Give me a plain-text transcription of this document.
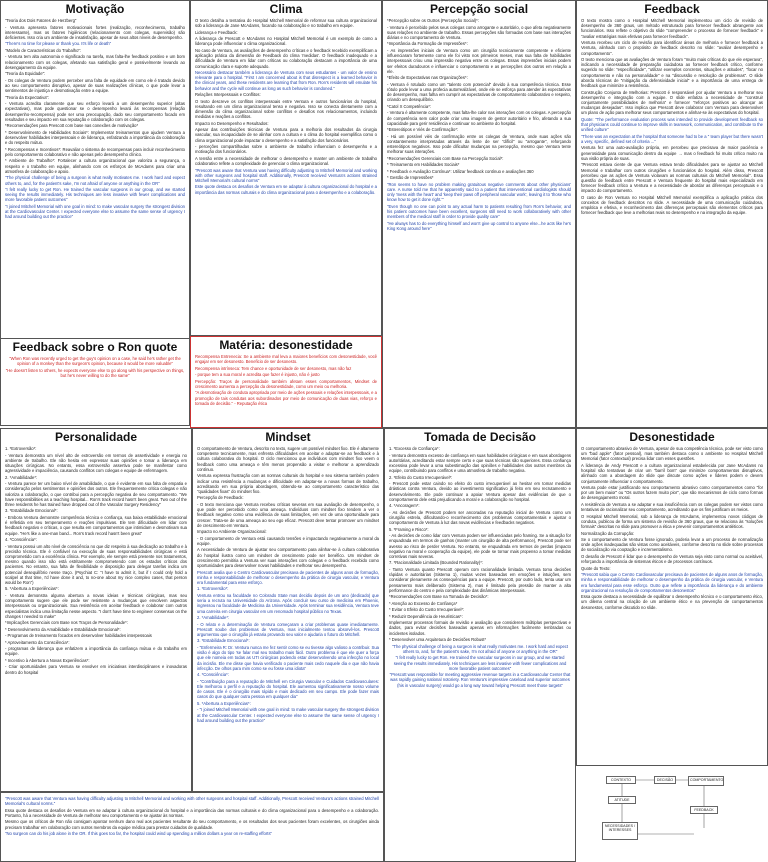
Motivação

"Teoria dos Dois Fatores de Herzberg"

- Ventura apresenta fatores motivacionais fortes (realização, reconhecimento, trabalho interessante), mas os fatores higiênicos (relacionamento com colegas, supervisão) são deficientes. Isso cria um ambiente de insatisfação, apesar de seus altos níveis de desempenho.

"There's no time for please or thank you. It's life or death"

"Modelo de Características do Trabalho":

- Ventura tem alta autonomia e significado na tarefa, mas falta-lhe feedback positivo e um bom relacionamento com os colegas, afetando sua satisfação geral e possivelmente levando ao desengajamento da equipe.

"Teoria da Equidade":

- Os colegas de Ventura podem perceber uma falta de equidade em como ele é tratado devido ao seu comportamento disruptivo, apesar de suas realizações clínicas, o que pode levar a sentimentos de injustiça e desmotivação entre a equipe.

"Teoria da Expectativa":

- Ventura acredita claramente que seu esforço levará a um desempenho superior (altas expectativas), mas pode questionar se o desempenho levará às recompensas (relação desempenho-recompensa) pode ser uma preocupação, dado seu comportamento focado em resultados e seu impacto em sua reputação e colaboração com os colegas.

*Recomendações para Prescott com base nas conexões de motivação*

* Desenvolvimento de Habilidades Sociais*: Implementar treinamentos que ajudem Ventura a desenvolver habilidades interpessoais e de liderança, enfatizando a importância da colaboração e do respeito mútuo.

* Recompensas e Incentivos*: Reavaliar o sistema de recompensas para incluir reconhecimento pelo comportamento colaborativo e não apenas pelo desempenho clínico.

* Ambiente de Trabalho*: Fortalecer a cultura organizacional que valoriza a segurança, o respeito e o trabalho em equipe, alinhando com os esforços de McAdams para criar uma atmosfera de colaboração e apoio.

"The physical challenge of being a surgeon is what really motivates me. I work hard and expect others to, and, for the patient's sake, I'm not afraid of anyone or anything in the OR"

"I felt really lucky to get Ron. He trained the vascular surgeons in our group, and we started seeing the results immediately. His techniques are less invasive with fewer complications and more favorable patient outcomes"

"I joined Mitchell Memorial with one goal in mind: to make vascular surgery the strongest division at the Cardiovascular Center. I expected everyone else to assume the same sense of urgency I had around building out the practice"

Feedback sobre o Ron quote

"When Ron was recently urged to get the guy's opinion on a case, he said he's rather get the opinion of a monkey than the surgeon's opinion, because it would be more valuable"

"He doesn't listen to others, he expects everyone else to go along with his perspective on things, but he's never willing to do the same"

Clima

O texto detalha a tentativa do Hospital Mitchell Memorial de reformar sua cultura organizacional sob a liderança de Jane McAdams, focando na colaboração e no trabalho em equipe.

Liderança e Feedback:

A liderança de Prescott e McAdams no Hospital Mitchell Memorial é um exemplo de como a liderança pode influenciar o clima organizacional.

No caso de Ventura, as avaliações de desempenho críticas e o feedback recebido exemplificam a aplicação prática da dimensão de Feedback do clima 'medidas'. O feedback inadequado e a dificuldade de Ventura em lidar com críticas ou colaboração destacam a importância de uma comunicação clara e suporte adequado.

Necessário destacar também a liderança de Ventura com seus estudantes - um valor de ensino relevante para o hospital. "First I am concerned about is that disrespect is a learned behavior in the clinical years, and these residents are learning that from Ron. Ron's residents will emulate his behavior and the cycle will continue as long as such behavior is condoned."

Relações Interpessoais e Conflitos:

O texto descreve os conflitos interpessoais entre Ventura e outros funcionários do hospital, resultando em um clima organizacional tenso e negativo. Isso se conecta diretamente com a dimensão do clima organizacional sobre conflitos e desafios nos relacionamentos, incluindo medidas e reações a conflitos.

Impacto no Desempenho e Resultados:

Apesar das contribuições técnicas de Ventura para a melhoria dos resultados da cirurgia vascular, sua incapacidade de se alinhar com a cultura e o clima do hospital exemplifica como o clima organizacional pode impactar o desempenho e a satisfação dos funcionários.

- perceções compartilhadas sobre o ambiente de trabalho influenciam o desempenho e a motivação dos funcionários.

A tensão entre a necessidade de melhorar o desempenho e manter um ambiente de trabalho colaborativo reflete a complexidade de gerenciar o clima organizacional.

"Prescott was aware that Ventura was having difficulty adjusting to Mitchell Memorial and working with other surgeons and hospital staff. Additionally, Prescott received Ventura's actions strained Mitchell Memorial's cultural norms"

Este quote destaca os desafios de Ventura em se adaptar à cultura organizacional do hospital e a importância das normas culturais e do clima organizacional para o desempenho e a colaboração.

Matéria: desonestidade

Recompensa Entrenecia: Se a ambiente mal leva a maiores beneficios com desonestidade, você engajar em ser desonesto. Beneficio de ser desonesto.

Recompensa intrínseca: Tem chance e oportunidade de ser desonesto, mas não faz

- porque tem a sua moral e acredita que fazer é injusto, não é justo

Percepção: Traços de personalidade também afetam esses comportamentos, Mindset de crescimento aumenta a percepção da desonestidade, como um meio ou melhoria.

"A desmotivação de conduta apropriada por meio de ações pessoais e relações interpessoais, e a promoção de tais condutas aos subordinados por meio de comunicação de duas vias, reforço e tomada de decisão." - Reputação ética

Percepção social

*Percepção sobre os Outros (Percepção Social)*:

- Ventura é percebido pelos seus colegas como arrogante e autoritário, o que afeta negativamente suas relações no ambiente de trabalho. Essas percepções são formadas com base nas interações diárias e no comportamento de Ventura.

*Importância da Formação de Impressões*:

- As impressões iniciais de Ventura como um cirurgião tecnicamente competente e eficiente influenciaram fortemente como ele foi visto nos primeiros meses, mas sua falta de habilidades interpessoais criou uma impressão negativa entre os colegas. Essas impressões iniciais podem ser efeitos duradouros e influenciar o comportamento e as percepções dos outros em relação a ele.

*Efeito de Expectativas nas Organizações*:

- Ventura é rotulado como um "talento com potencial" devido à sua competência técnica. Esse rótulo pode levar a uma profecia autorrealizável, onde ele se esforça para atender às expectativas de desempenho, mas falha em cumprir as expectativas de comportamento colaborativo e respeito, criando um desequilíbrio.

*Catol X Competência*:

- Ventura é altamente competente, mas falta-lhe calor nas interações com os colegas. A percepção de competência sem calor pode criar uma imagem de gestor autoritário e frio, afetando a sua capacidade para gerir residência e continuar no ambiente do hospital.

*Estereótipos e Viés de Confirmação*:

- Há um possível viés de confirmação entre os colegas de Ventura, onde suas ações são constantemente interpretadas através da lente de ser "difícil" ou "arrogante", reforçando estereótipos negativos. Isso pode dificultar mudanças na percepção, mesmo que Ventura tente melhorar suas interações.

*Recomendações Gerenciais com Base na Percepção Social*:

* Treinamento em Habilidades Sociais*

* Feedback e Avaliação Contínua*: Utilizar feedback contínuo e avaliações 360

* Gestão de Impressões*

"Ron seems to have no problem making gratuitous negative comments about other physicians' care. A nurse told me that he apparently said to a patient that interventional cardiologists should only 'mess with the heart' and 'keep their paws off peripheral vascular work', leaving it to 'those who know how to get it done right.'"

"Even though no one can point to any actual harm to patients resulting from Ron's behavior, and his patient outcomes have been excellent, surgeons still need to work collaboratively with other members of the medical staff in order to provide quality care"

"He always has to do everything himself and won't give up control to anyone else...he acts like he's King Kong around here"

Feedback

O texto mostra como o Hospital Mitchell Memorial implementou um ciclo de revisão de desempenho de 360 graus, um método estruturado para fornecer feedback abrangente aos funcionários. Isso reflete o objetivo do slide "compreender o processo de fornecer feedback" e "avaliar estratégias mais efetivas para fornecer feedback".

Ventura recebeu um ciclo de revisão para identificar áreas de melhoria e fornecer feedback a Ventura, alinhado com o propósito de feedback descrito no slide: "avaliar desempenho e comportamento".

O texto menciona que as avaliações de Ventura foram "muito mais críticas do que ele esperava", indicando a necessidade de preparação cuidadosa ao fornecer feedback crítico, conforme sugerido no slide: "especificidade", "utilizar exemplos concretos, situações e atitudes", "focar no comportamento e não na personalidade" e na "discussão e resolução de problemas". O slide aborda técnicas de "mitigação da defensividade inicial" e a importância de uma entrega de feedback que minimize a resistência.

Construção Conjunta de Melhorias: Prescott é responsável por ajudar Ventura a melhorar seu desempenho e integração com a equipe. O slide enfatiza a necessidade de "construir conjuntamente possibilidades de melhoria" e fornecer "reforços positivos ao alcançar as mudanças desejadas". Isso implica que Prescott deve colaborar com Ventura para desenvolver um plano de ação para melhorar seus comportamentos e alinhar-se às expectativas do hospital.

Quote: "The performance evaluation process was intended to provide development feedback so that physicians could continue to improve skills in teamwork, communication, and contribute to the unified culture"

"There was an expectation at the hospital that someone had to be a " team player but there wasn't a very, specific, defined set of criteria ..."

Ventura fez uma auto-avaliação própria, em percebeu que precisava de maior paciência e generosidade para comunicação dentro da equipe → mas o feedback foi muito crítico muito na sua visão própria de suas.

"Prescott estava ciente de que Ventura estava tendo dificuldades para se ajustar ao Mitchell Memorial e trabalhar com outros cirurgiões e funcionários do hospital. Além disso, Prescott percebeu que as ações de Ventura violavam as normas culturais do Mitchell Memorial". Essa questão de feedback entre Prescott e Ventura frequente do hospital mais especializado em fornecer feedback crítico a Ventura e a necessidade de abordar as diferenças perceptuais e o impacto do comportamento.

O caso de Ron Ventura no Hospital Mitchell Memorial exemplifica a aplicação prática dos conceitos de feedback descritos no slide. A necessidade de uma comunicação cuidadosa, empática e efetiva, e reconhecimento das diferenças perceptuais são elementos críticos para fornecer feedback que leve a melhorias reais no desempenho e na integração da equipe.

Personalidade

1. *Extroversão*:

- Ventura demonstra um nível alto de extroversão em termos de assertividade e energia no ambiente de trabalho. Ele não hesita em expressar suas opiniões e tomar a liderança em situações cirúrgicas. No entanto, essa extroversão assertiva pode se manifestar como agressividade e impaciência, causando conflitos com colegas e equipe de enfermagem.

2. *Amabilidade*:

- Ventura parece ter um baixo nível de amabilidade, o que é evidente em sua falta de empatia e consideração pelos sentimentos e opiniões dos outros. Ele frequentemente critica colegas e não valoriza a colaboração, o que contribui para a percepção negativa de seu comportamento. "We have responsibilities as a teaching hospital... Ron's track record hasn't been great. Two out of the three residents he has trained have dropped out of the Vascular Surgery Residency"

3. *Estabilidade Emocional*:

- Embora Ventura demonstre competência técnica e confiança, sua baixa estabilidade emocional é refletida em seu temperamento e reações impulsivas. Ele tem dificuldade em lidar com feedback negativo e críticas, o que resulta em comportamentos que intimidam e desmotivam sua equipe. "He's like a one-man band... Ron's track record hasn't been great"

4. *Consciência*:

- Ventura possui um alto nível de consciência no que diz respeito à sua dedicação ao trabalho e à precisão técnica. Ele é confiável na execução de suas responsabilidades cirúrgicas e está comprometido com a excelência clínica. Por exemplo, ele sempre está presente nos tratamentos, mesmo quando isso não está estritamente comprometendo com os estados críticos dos pacientes. No entanto, sua falta de flexibilidade e disposição para delegar tarefas indica um potencial desequilíbrio nesse traço. (Psychiat C: "I have to admit it, but if I could only hold a scalpel at that time, I'd have done it and, to no-one about my nice complex cases, that person would be Ron")

5. *Abertura a Experiências*:

- Ventura demonstra alguma abertura a novas ideias e técnicas cirúrgicas, mas seu comportamento sugere que ele pode ser resistente a mudanças que envolvem aspectos interpessoais ou organizacionais. Sua resistência em aceitar feedback e colaborar com outros especialistas indica uma limitação nesse aspecto. "I don't have time to engineer consensus on the changes I needed to make"

*Implicações Gerenciais com Base nos Traços de Personalidade*:

* Desenvolvimento da Amabilidade e Estabilidade Emocional*:

- Programas de treinamento focados em desenvolver habilidades interpessoais

* Aproveitamento da Consciência*:

- programas de liderança que enfatizem a importância da confiança mútua e do trabalho em equipe.

* Incentivo à Abertura a Novas Experiências*:

- Criar oportunidades para Ventura se envolver em iniciativas interdisciplinares e inovadoras dentro do hospital

Mindset

O comportamento de Ventura, descrito no texto, sugere um possível mindset fixo. Ele é altamente competente tecnicamente, mas enfrenta dificuldades em aceitar e adaptar-se ao feedback e à cultura colaborativa do hospital. O ciclo mencionou que indivíduos com mindset fixo veem o feedback como uma ameaça e têm menos propensão a visitar e melhorar a aprendizado contínuo.

Ventura expressa frustração com as normas culturais do hospital e seu sistema também podem indicar uma resistência a mudanças e dificuldade em adaptar-se a novas formas de trabalho, acreditando em sua própria abordagem, obtendo-se ao comportamento característico das "qualidades fixas" do mindset fixo.

Percepção de Feedback:

- O texto menciona que Ventura recebeu críticas severas em sua avaliação de desempenho, o que pode ser percebido como uma ameaça. Indivíduos com mindset fixo tendem a ver o feedback negativo como uma evidência de suas limitações, em vez de uma oportunidade para crescer. Trata-se de uma ameaça ao seu ego eficaz. Prescott deve tentar promover um mindset de crescimento em Ventura.

Impacto no Ambiente Organizacional:

- O comportamento de Ventura está causando tensões e impactando negativamente a moral da equipe.

A necessidade de Ventura de ajustar seu comportamento para alinhar-se à cultura colaborativa do hospital ilustra como um mindset de crescimento pode ser benéfico. Um mindset de crescimento permitiria a Ventura ver suas interações com colegas e o feedback recebido como oportunidades para desenvolver novas habilidades e melhorar seu desempenho.

Prescott avalia que o Centro Cardiovascular precisava de pacientes de alguns anos de formação, minha e responsabilidade de melhorar o desempenho da prática de cirurgia vascular, e Ventura era fundamental para esse esforço.

1. *Extroversão*:

Ventura entrou na faculdade no Colorado State mas decidiu depois de um ano (dedicado) que seria a recruta na Universidade do Arizona. Após concluir seu curso de medicina em Phoenix, ingressou na faculdade de Medicina da Universidade. Após terminar sua residência, Ventura teve uma carreira em cirurgia vascular em um renomado hospital público no Texas.

2. *Amabilidade*:

- O relato e a determinação de Ventura começaram a criar problemas quase imediatamente. Prescott soube dos problemas de Ventura, mas inicialmente tentou absorvê-los. Prescott argumentou que o cirurgião já estaria provando seu valor e ajudaria o futuro do Mitchell.

3. *Estabilidade Emocional*:

- "Enfermeira R: Dr. Ventura nunca me fez sentir como se eu tivesse algo valioso a contribuir. Sua visão é algo do tipo 'se falar mal seu trabalho mais fácil. Outro problema é que ele quer a força que ele nomeia em todas as UTI cirúrgicas podendo estar desenvolvendo uma infecção no local da incisão. Ele me disse que havia verificado o paciente mais cedo naquele dia e que não havia infecção. De olhos para mim como se eu fosse uma idiota"

4. *Consciência*:

- "Contribuição para a reputação de Mitchell em Cirurgia Vascular e Cuidados Cardiovasculares: Ele melhorou o perfil e a reputação do hospital. Ele aumentou significativamente nosso volume de casos. Ele é o cirurgião mais rápido e mais dedicado em seu campo. Ele pode fazer mais casos do que qualquer outra pessoa em qualquer dia"

5. *Abertura a Experiências*:

- "I joined Mitchell Memorial with one goal in mind: to make vascular surgery the strongest division at the Cardiovascular Center. I expected everyone else to assume the same sense of urgency I had around building out the practice"

"Prescott was aware that Ventura was having difficulty adjusting to Mitchell Memorial and working with other surgeons and hospital staff. Additionally, Prescott received Ventura's actions strained Mitchell Memorial's cultural norms."

Essa quote destaca os desafios de Ventura em se adaptar à cultura organizacional do hospital e a importância das normas culturais e do clima organizacional para o desempenho e a colaboração. Portanto, há a necessidade de Ventura de melhorar seu comportamento e se ajustar às normas.

Mesmo que os críticos de Ron não consigam apontar nenhum dano real aos pacientes resultante do seu comportamento, e os resultados dos seus pacientes foram excelentes, os cirurgiões ainda precisam trabalhar em colaboração com outros membros da equipe médica para prestar cuidados de qualidade.

"No surgeon can do his job alone in the OR. If this goes too far, the hospital could wind up spending a million dollars a year on re-staffing efforts"

Tomada de Decisão

1. *Excesso de Confiança*:

- Ventura demonstra excesso de confiança em suas habilidades cirúrgicas e em suas abordagens autoritárias, acreditando estar sempre certo e que suas técnicas são superiores. Essa confiança excessiva pode levar a uma subestimação das opiniões e habilidades dos outros membros da equipe, contribuindo para conflitos e uma atmosfera de trabalho negativa.

2. *Efeito do Custo Irrecuperável*:

- Prescott pode estar caindo no efeito do custo irrecuperável ao hesitar em tomar medidas drásticas contra Ventura, devido ao investimento significativo já feito em seu recrutamento e desenvolvimento. Ele pode continuar a apoiar Ventura apesar das evidências de que o comportamento dele está prejudicando a moral e a colaboração no hospital.

4. *Ancoragem*:

- As decisões de Prescott podem ser ancoradas na reputação inicial de Ventura como um cirurgião estrela, dificultando-o reconhecimento dos problemas comportamentais e ajustar o comportamento de Ventura à luz das novas evidências e feedbacks negativos.

5. *Framing e Risco*:

- As decisões de como lidar com Ventura podem ser influenciadas pelo framing. Se a situação for enquadrada em termos de ganhos (manter um cirurgião de alta performance), Prescott pode ser avesso ao risco de perder Ventura. No entanto, se enquadrada em termos de perdas (impacto negativo na moral e cooperação da equipe), ele pode se tornar mais propenso a tomar medidas corretivas mais severas.

7. *Racionalidade Limitada (Bounded Rationality)*:

- Tanto Ventura quanto Prescott operam com racionalidade limitada. Ventura toma decisões rápidas e autoritárias (Sistema 1), muitas vezes baseadas em emoções e intuições, sem considerar plenamente as consequências para a equipe. Prescott, por outro lado, tenta usar um pensamento mais deliberado (Sistema 2), mas é limitado pela pressão de manter a alta performance do centro e pela complexidade das dinâmicas interpessoais.

*Recomendações com Base na Tomada de Decisão*:

* Atenção ao Excesso de Confiança*

* Evitar o Efeito do Custo Irrecuperável*:

* Reduzir Dependência de Heurísticas*:

Implementar processos formais de revisão e avaliação que considerem múltiplas perspectivas e dados, para evitar decisões baseadas apenas em informações facilmente lembradas ou incidentes isolados.

* Desenvolver uma Arquitetura de Decisões Robust*

"The physical challenge of being a surgeon is what really motivates me. I work hard and expect others to, and, for the patient's sake, I'm not afraid of anyone or anything in the OR"

"I felt really lucky to get Ron. He trained the vascular surgeons in our group, and we started seeing the results immediately. His techniques are less invasive with fewer complications and more favorable patient outcomes"

"Prescott was responsible for meeting aggressive revenue targets in a Cardiovascular Center that was rapidly gaining national notoriety. Ron Ventura's impressive caseload and superior outcomes (his in vascular surgery) would go a long way toward helping Prescott meet those targets"

Desonestidade

O comportamento abrasivo de Ventura, apesar de sua competência técnica, pode ser visto como um "bad apple" (fator pessoal), mas também destaca como o ambiente no Hospital Mitchell Memorial (fator contextual) precisa lidar com esses questões.

A liderança de Andy Prescott e a cultura organizacional estabelecida por Jane McAdams no hospital são tentativas de criar um "barril bom" que minimize comportamentos disruptivos, alinhado com a abordagem do slide que discute como ações e líderes podem e devem conjuntamente influenciar o comportamento.

Ventura pode estar justificando seu comportamento abrasivo como comportamentos como "for por um bem maior" ou "Os outros fazem muito pior", que são mecanismos de ciclo como formas de desengajamento moral.

A resistência de Ventura a se adaptar e sua insuficiência com os colegas podem ser vistos como tentativas de racionalizar seu comportamento, acreditando que os fins justificam os meios.

O Hospital Mitchell Memorial, sob a liderança de McAdams, implementou novos códigos de conduta, publicou de forma um sistema de revisão de 360 graus, que se relaciona às "soluções formais" descritas no slide para promover a ética e prevenir comportamentos antiéticos.

Normalização da Corrupção:

Se o comportamento de Ventura fosse ignorado, poderia levar a um processo de normalização onde ações inadequadas são vistas como aceitáveis, conforme descrito no slide sobre processos de socialização via cooptação e incrementalismo.

O desafio de Prescott é lidar que o desempenho de Ventura seja visto como normal ou aceitável, reforçando a importância de sistemas éticos e de processos contínuos.

Quote do Texto:

"Prescott sabia que o Centro Cardiovascular precisava de pacientes de alguns anos de formação, minha e responsabilidade de melhorar o desempenho da prática de cirurgia vascular, e Ventura era fundamental para esse esforço. Outro que reflete a importância da liderança e do ambiente organizacional na resolução de comportamentos desonestos"

Essa quote destaca a necessidade de equilibrar o desempenho técnico e o comportamento ético, um dilema central na criação de um ambiente ético e na prevenção de comportamentos desonestos, conforme discutido no slide.

CONTEXTO
ATITUDE
DECISÃO	COMPORTAMENTO
NECESSIDADES / INTERESSES
FEEDBACK
